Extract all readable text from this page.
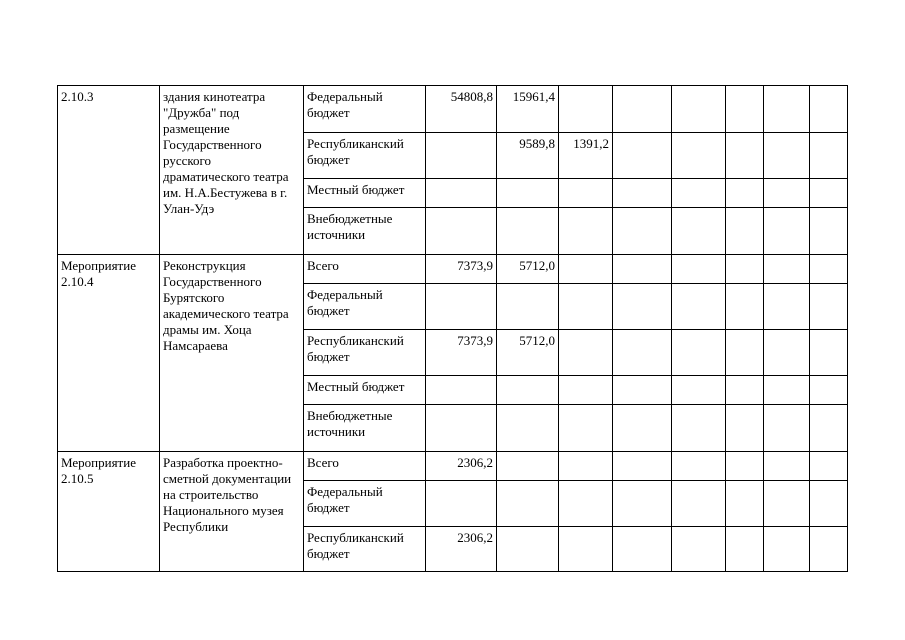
2.10.3	здания кинотеатра "Дружба" под размещение Государственного русского драматического театра им. Н.А.Бестужева в г. Улан-Удэ	Федеральный бюджет	54808,8	15961,4						
		Республиканский бюджет		9589,8	1391,2					
		Местный бюджет								
		Внебюджетные источники								
Мероприятие 2.10.4	Реконструкция Государственного Бурятского академического театра драмы им. Хоца Намсараева	Всего	7373,9	5712,0						
		Федеральный бюджет								
		Республиканский бюджет	7373,9	5712,0						
		Местный бюджет								
		Внебюджетные источники								
Мероприятие 2.10.5	Разработка проектно-сметной документации на строительство Национального музея Республики	Всего	2306,2							
		Федеральный бюджет								
		Республиканский бюджет	2306,2							
